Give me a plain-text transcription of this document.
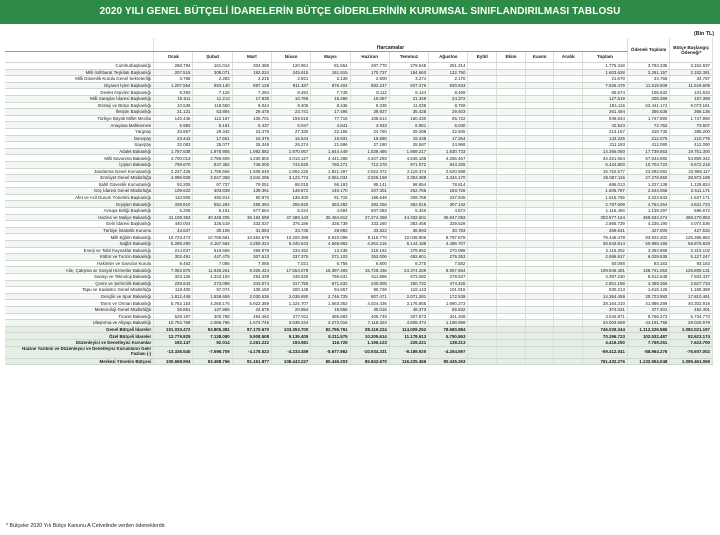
2020 YILI GENEL BÜTÇELİ İDARELERİN BÜTÇE GİDERLERİNİN KURUMSAL SINIFLANDIRILMASI TABLOSU
(Bin TL)
	Harcamalar													Ödenek Toplamı	Bütçe Başlangıç Ödeneği*
	Ocak	Şubat	Mart	Nisan	Mayıs	Haziran	Temmuz	Ağustos	Eylül	Ekim	Kasım	Aralık	Toplam		
Cumhurbaşkanlığı	288.784	161.014	304.386	120.951	81.554	287.770	279.545	251.314					1.775.318	3.793.335	3.152.937
Milli İstihbarat Teşkilatı Başkanlığı	207.516	308.071	192.024	245.915	161.915	170.737	184.660	132.790					1.603.628	2.291.157	2.182.381
Milli Güvenlik Kurulu Genel Sekreterliği	3.768	2.283	2.215	2.921	2.139	2.900	3.274	2.170					21.670	34.766	34.787
Diyanet İşleri Başkanlığı	1.207.964	893.140	887.128	911.487	876.404	882.247	937.276	930.833					7.526.479	11.519.609	11.519.609
Devlet Arşivleri Başkanlığı	9.293	7.126	7.294	8.491	7.745	8.112	9.144	8.469					65.674	106.632	101.632
Milli Saraylar İdaresi Başkanlığı	10.511	11.213	17.835	10.766	15.486	16.087	21.349	24.372					127.619	205.399	157.398
Strateji ve Bütçe Başkanlığı	10.539	118.550	8.044	9.405	8.436	9.335	11.038	8.769					184.116	63.441.174	9.073.161
İletişim Başkanlığı	31.131	53.894	29.475	23.741	17.495	39.927	35.428	29.403					261.494	366.636	368.136
Türkiye Büyük Millet Meclisi	140.446	112.187	105.701	159.018	77.716	108.614	160.430	85.722					949.834	1.747.890	1.747.890
Anayasa Mahkemesi	5.983	5.181	5.437	5.047	4.841	4.933	6.061	5.040					42.523	72.762	73.607
Yargıtay	33.857	29.342	23.479	27.330	22.166	24.760	29.298	22.505					213.157	318.735	385.200
Danıştay	23.443	17.561	16.375	16.644	15.931	16.580	19.438	17.354					143.326	212.075	210.775
Sayıştay	32.083	25.077	25.348	26.274	21.696	27.180	28.587	24.968					211.193	412.090	412.090
Adalet Bakanlığı	1.767.638	1.975.906	1.982.582	1.970.057	1.644.449	1.538.466	1.859.217	1.830.733					14.366.050	17.739.563	19.751.300
Milli Savunma Bakanlığı	4.700.013	3.786.509	4.230.802	4.013.127	4.441.288	4.347.293	4.546.165	4.256.467					34.321.664	57.544.882	53.859.342
İçişleri Bakanlığı	799.870	847.362	746.000	744.525	760.271	712.278	971.072	843.325					6.424.803	10.704.722	9.672.218
Jandarma Genel Komutanlığı	2.237.428	1.796.556	1.509.649	1.864.225	1.821.497	2.022.372	2.119.374	2.620.588					15.762.577	23.093.092	22.968.117
Emniyet Genel Müdürlüğü	4.096.928	3.047.358	3.042.296	3.123.774	3.061.034	3.028.168	3.353.388	3.334.170					26.087.116	27.278.650	38.973.189
Sahil Güvenlik Komutanlığı	92.205	67.737	79.051	88.018	96.193	85.141	98.854	78.814					686.013	1.227.139	1.128.824
Göç İdaresi Genel Müdürlüğü	109.622	403.839	139.391	148.972	140.170	207.301	262.766	193.726					1.605.787	2.644.066	2.511.171
Afet ve Acil Durum Yönetimi Başkanlığı	110.505	492.914	50.870	135.400	91.715	186.648	309.768	237.945					1.615.765	2.223.943	1.637.171
Dışişleri Bakanlığı	339.810	551.284	255.394	255.625	353.282	382.256	352.816	307.142					2.797.609	4.764.254	4.631.723
Avrupa Birliği Başkanlığı	6.206	5.151	577.654	5.224	4.694	507.083	5.340	4.572					1.116.494	1.139.297	696.672
Hazine ve Maliye Bakanlığı	41.108.363	40.348.205	36.192.599	47.389.143	30.484.812	27.274.358	44.332.601	36.847.083					303.977.164	468.634.274	468.270.853
Gelir İdaresi Başkanlığı	440.004	326.519	333.037	375.186	335.739	333.260	383.456	339.528					2.866.729	4.235.190	4.074.536
Türkiye İstatistik Kurumu	43.637	30.106	31.563	33.745	28.992	33.822	36.993	30.783					269.641	427.000	427.532
Milli Eğitim Bakanlığı	10.723.473	10.796.581	10.552.579	10.200.388	8.810.099	9.115.770	10.049.906	8.797.676					79.446.478	83.922.402	125.396.862
Sağlık Bakanlığı	5.289.290	4.187.584	4.259.324	5.340.543	4.568.962	4.264.216	6.144.188	4.489.707					38.543.814	50.898.166	58.875.829
Enerji ve Tabii Kaynaklar Bakanlığı	214.637	519.669	269.978	233.452	13.436	215.182	379.852	270.098					2.116.302	3.363.868	3.319.102
Kültür ve Turizm Bakanlığı	302.491	447.475	307.513	237.375	271.103	353.006	492.601	275.353					2.686.917	6.029.535	5.127.247
Hakimler ve Savcılar Kurulu	9.463	7.086	7.085	7.021	6.756	6.800	8.275	7.582					60.068	93.163	93.163
Aile, Çalışma ve Sosyal Hizmetler Bakanlığı	7.082.876	11.926.261	9.325.424	17.554.078	15.397.493	15.728.436	24.374.269	8.557.654					109.946.491	138.741.053	125.809.131
Sanayi ve Teknoloji Bakanlığı	323.126	1.333.193	254.339	248.528	796.631	511.996	673.082	278.537					4.397.230	8.912.648	7.933.337
Çevre ve Şehircilik Bakanlığı	229.642	273.098	343.074	317.750	671.632	240.805	250.732	474.426					2.801.159	4.389.366	2.827.733
Tapu ve Kadastro Genel Müdürlüğü	118.400	97.074	108.150	200.148	94.657	90.726	119.143	101.915					930.213	1.615.126	1.185.359
Gençlik ve Spor Bakanlığı	1.812.448	1.938.659	2.030.536	2.038.690	2.746.725	807.471	2.071.281	172.539					14.364.459	20.723.983	17.810.461
Tarım ve Orman Bakanlığı	5.762.153	4.260.175	5.922.359	1.324.707	1.683.352	4.024.436	3.176.855	1.990.273					28.164.310	41.886.299	40.302.916
Meteoroloji Genel Müdürlüğü	26.861	147.865	24.575	20.854	19.556	30.015	48.373	55.932					374.031	477.401	452.401
Ticaret Bakanlığı	528.197	300.788	494.462	277.911	386.683	405.749	307.873	341.208					3.042.871	5.766.273	5.734.773
Ulaştırma ve Altyapı Bakanlığı	10.752.768	2.095.786	1.674.745	3.639.244	2.272.016	7.118.324	4.808.474	1.198.999					34.003.558	44.191.755	29.026.979
Genel Bütçeli İdareler	101.033.472	93.805.381	87.170.670	103.353.700	82.795.761	85.119.224	114.009.252	78.680.884					746.029.344	1.112.226.586	1.082.021.197
Özel Bütçeli İdareler	12.779.825	7.138.080	5.908.508	9.139.405	8.211.575	10.205.614	11.178.613	5.790.863					70.396.723	102.532.487	82.623.174
Düzenleyici ve Denetleyici Kurumlar	192.147	92.014	2.261.222	193.581	116.729	1.196.123	229.221	138.213					4.419.250	7.769.251	7.623.700
Hazine Yardımı ve Düzenleyici ve Denetleyici Kurumların Gelir Fazlası (-)	-13.336.540	-7.596.709	-4.178.523	-4.233.459	-5.677.862	-10.934.331	-9.189.920	-4.264.697					-59.412.041	-88.964.276	-76.607.002
Merkezi Yönetim Bütçesi	100.668.904	93.498.766	91.161.877	108.443.227	85.446.203	85.842.670	116.225.366	80.345.263					761.432.276	1.133.554.048	1.095.461.069
* Bütçeler 2020 Yılı Bütçe Kanunu A Cetvelinde verilen ödeneklerdir.
